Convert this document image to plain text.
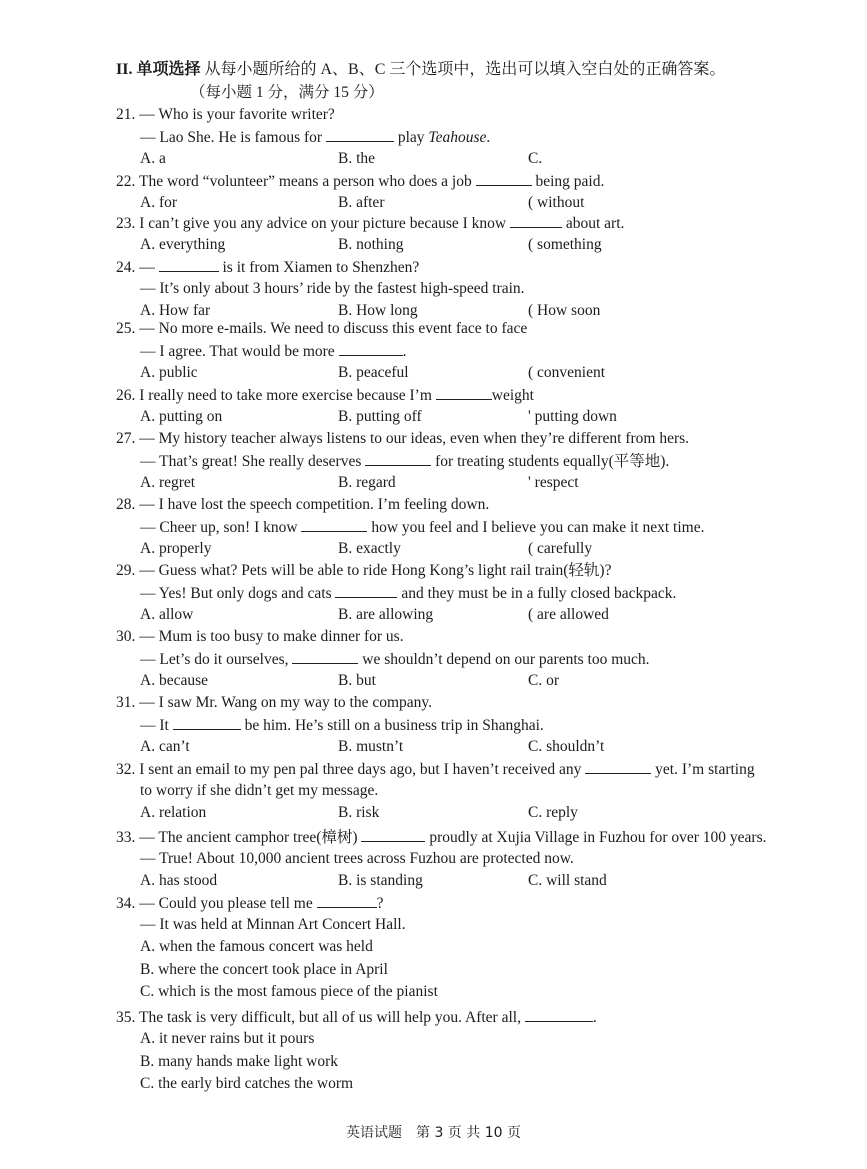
II. 单项选择 从每小题所给的 A、B、C 三个选项中，选出可以填入空白处的正确答案。
（每小题 1 分，满分 15 分）
21. — Who is your favorite writer?
— Lao She. He is famous for	play Teahouse.
A. a	B. the	C.
22. The word “volunteer” means a person who does a job	being paid.
A. for	B. after	( without
23. I can’t give you any advice on your picture because I know	about art.
A. everything	B. nothing	( something
24. —	is it from Xiamen to Shenzhen?
— It’s only about 3 hours’ ride by the fastest high-speed train.
A. How far	B. How long	( How soon
25. — No more e-mails. We need to discuss this event face to face
— I agree. That would be more	.
A. public	B. peaceful	( convenient
26. I really need to take more exercise because I’m	weight
A. putting on	B. putting off	' putting down
27. — My history teacher always listens to our ideas, even when they’re different from hers.
— That’s great! She really deserves	for treating students equally(平等地).
A. regret	B. regard	' respect
28. — I have lost the speech competition. I’m feeling down.
— Cheer up, son! I know	how you feel and I believe you can make it next time.
A. properly	B. exactly	( carefully
29. — Guess what? Pets will be able to ride Hong Kong’s light rail train(轻轨)?
— Yes! But only dogs and cats	and they must be in a fully closed backpack.
A. allow	B. are allowing	( are allowed
30. — Mum is too busy to make dinner for us.
— Let’s do it ourselves,	we shouldn’t depend on our parents too much.
A. because	B. but	C. or
31. — I saw Mr. Wang on my way to the company.
— It	be him. He’s still on a business trip in Shanghai.
A. can’t	B. mustn’t	C. shouldn’t
32. I sent an email to my pen pal three days ago, but I haven’t received any	yet. I’m starting
to worry if she didn’t get my message.
A. relation	B. risk	C. reply
33. — The ancient camphor tree(樟树)	proudly at Xujia Village in Fuzhou for over 100 years.
— True! About 10,000 ancient trees across Fuzhou are protected now.
A. has stood	B. is standing	C. will stand
34. — Could you please tell me	?
— It was held at Minnan Art Concert Hall.
A. when the famous concert was held
B. where the concert took place in April
C. which is the most famous piece of the pianist
35. The task is very difficult, but all of us will help you. After all,	.
A. it never rains but it pours
B. many hands make light work
C. the early bird catches the worm
英语试题　第 3 页 共 10 页
